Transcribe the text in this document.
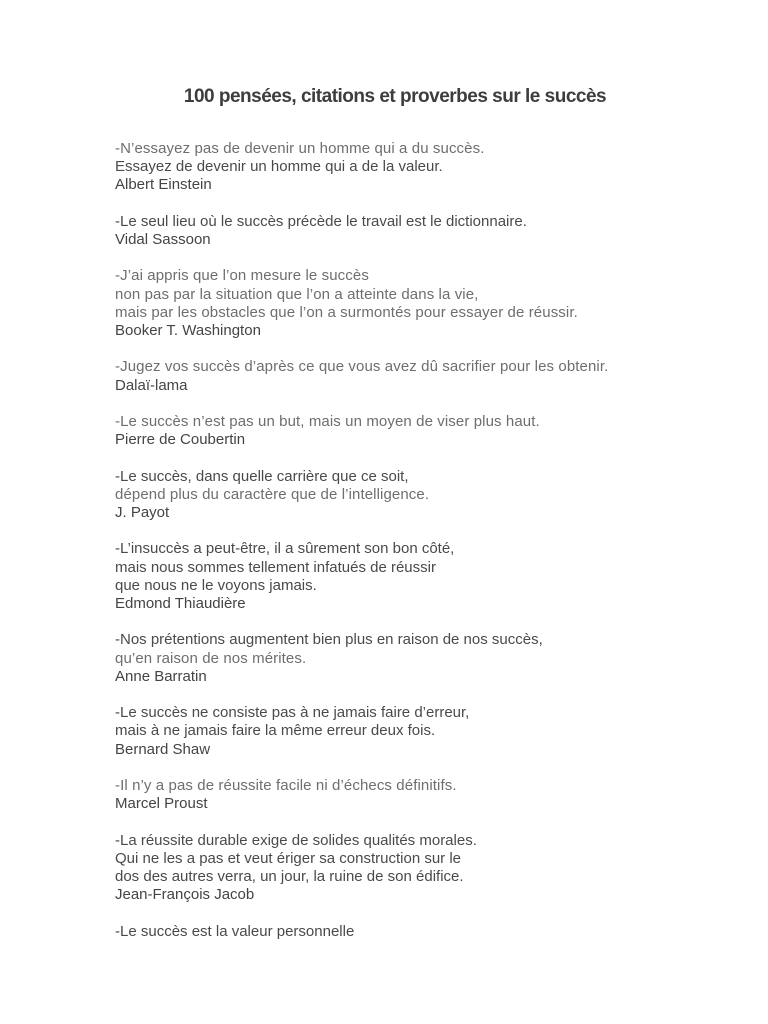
100 pensées, citations et proverbes sur le succès
-N’essayez pas de devenir un homme qui a du succès.
Essayez de devenir un homme qui a de la valeur.
Albert Einstein
-Le seul lieu où le succès précède le travail est le dictionnaire.
Vidal Sassoon
-J’ai appris que l’on mesure le succès
non pas par la situation que l’on a atteinte dans la vie,
mais par les obstacles que l’on a surmontés pour essayer de réussir.
Booker T. Washington
-Jugez vos succès d’après ce que vous avez dû sacrifier pour les obtenir.
Dalaï-lama
-Le succès n’est pas un but, mais un moyen de viser plus haut.
Pierre de Coubertin
-Le succès, dans quelle carrière que ce soit,
dépend plus du caractère que de l’intelligence.
J. Payot
-L’insuccès a peut-être, il a sûrement son bon côté,
mais nous sommes tellement infatués de réussir
que nous ne le voyons jamais.
Edmond Thiaudière
-Nos prétentions augmentent bien plus en raison de nos succès,
qu’en raison de nos mérites.
Anne Barratin
-Le succès ne consiste pas à ne jamais faire d’erreur,
mais à ne jamais faire la même erreur deux fois.
Bernard Shaw
-Il n’y a pas de réussite facile ni d’échecs définitifs.
Marcel Proust
-La réussite durable exige de solides qualités morales.
Qui ne les a pas et veut ériger sa construction sur le
dos des autres verra, un jour, la ruine de son édifice.
Jean-François Jacob
-Le succès est la valeur personnelle
